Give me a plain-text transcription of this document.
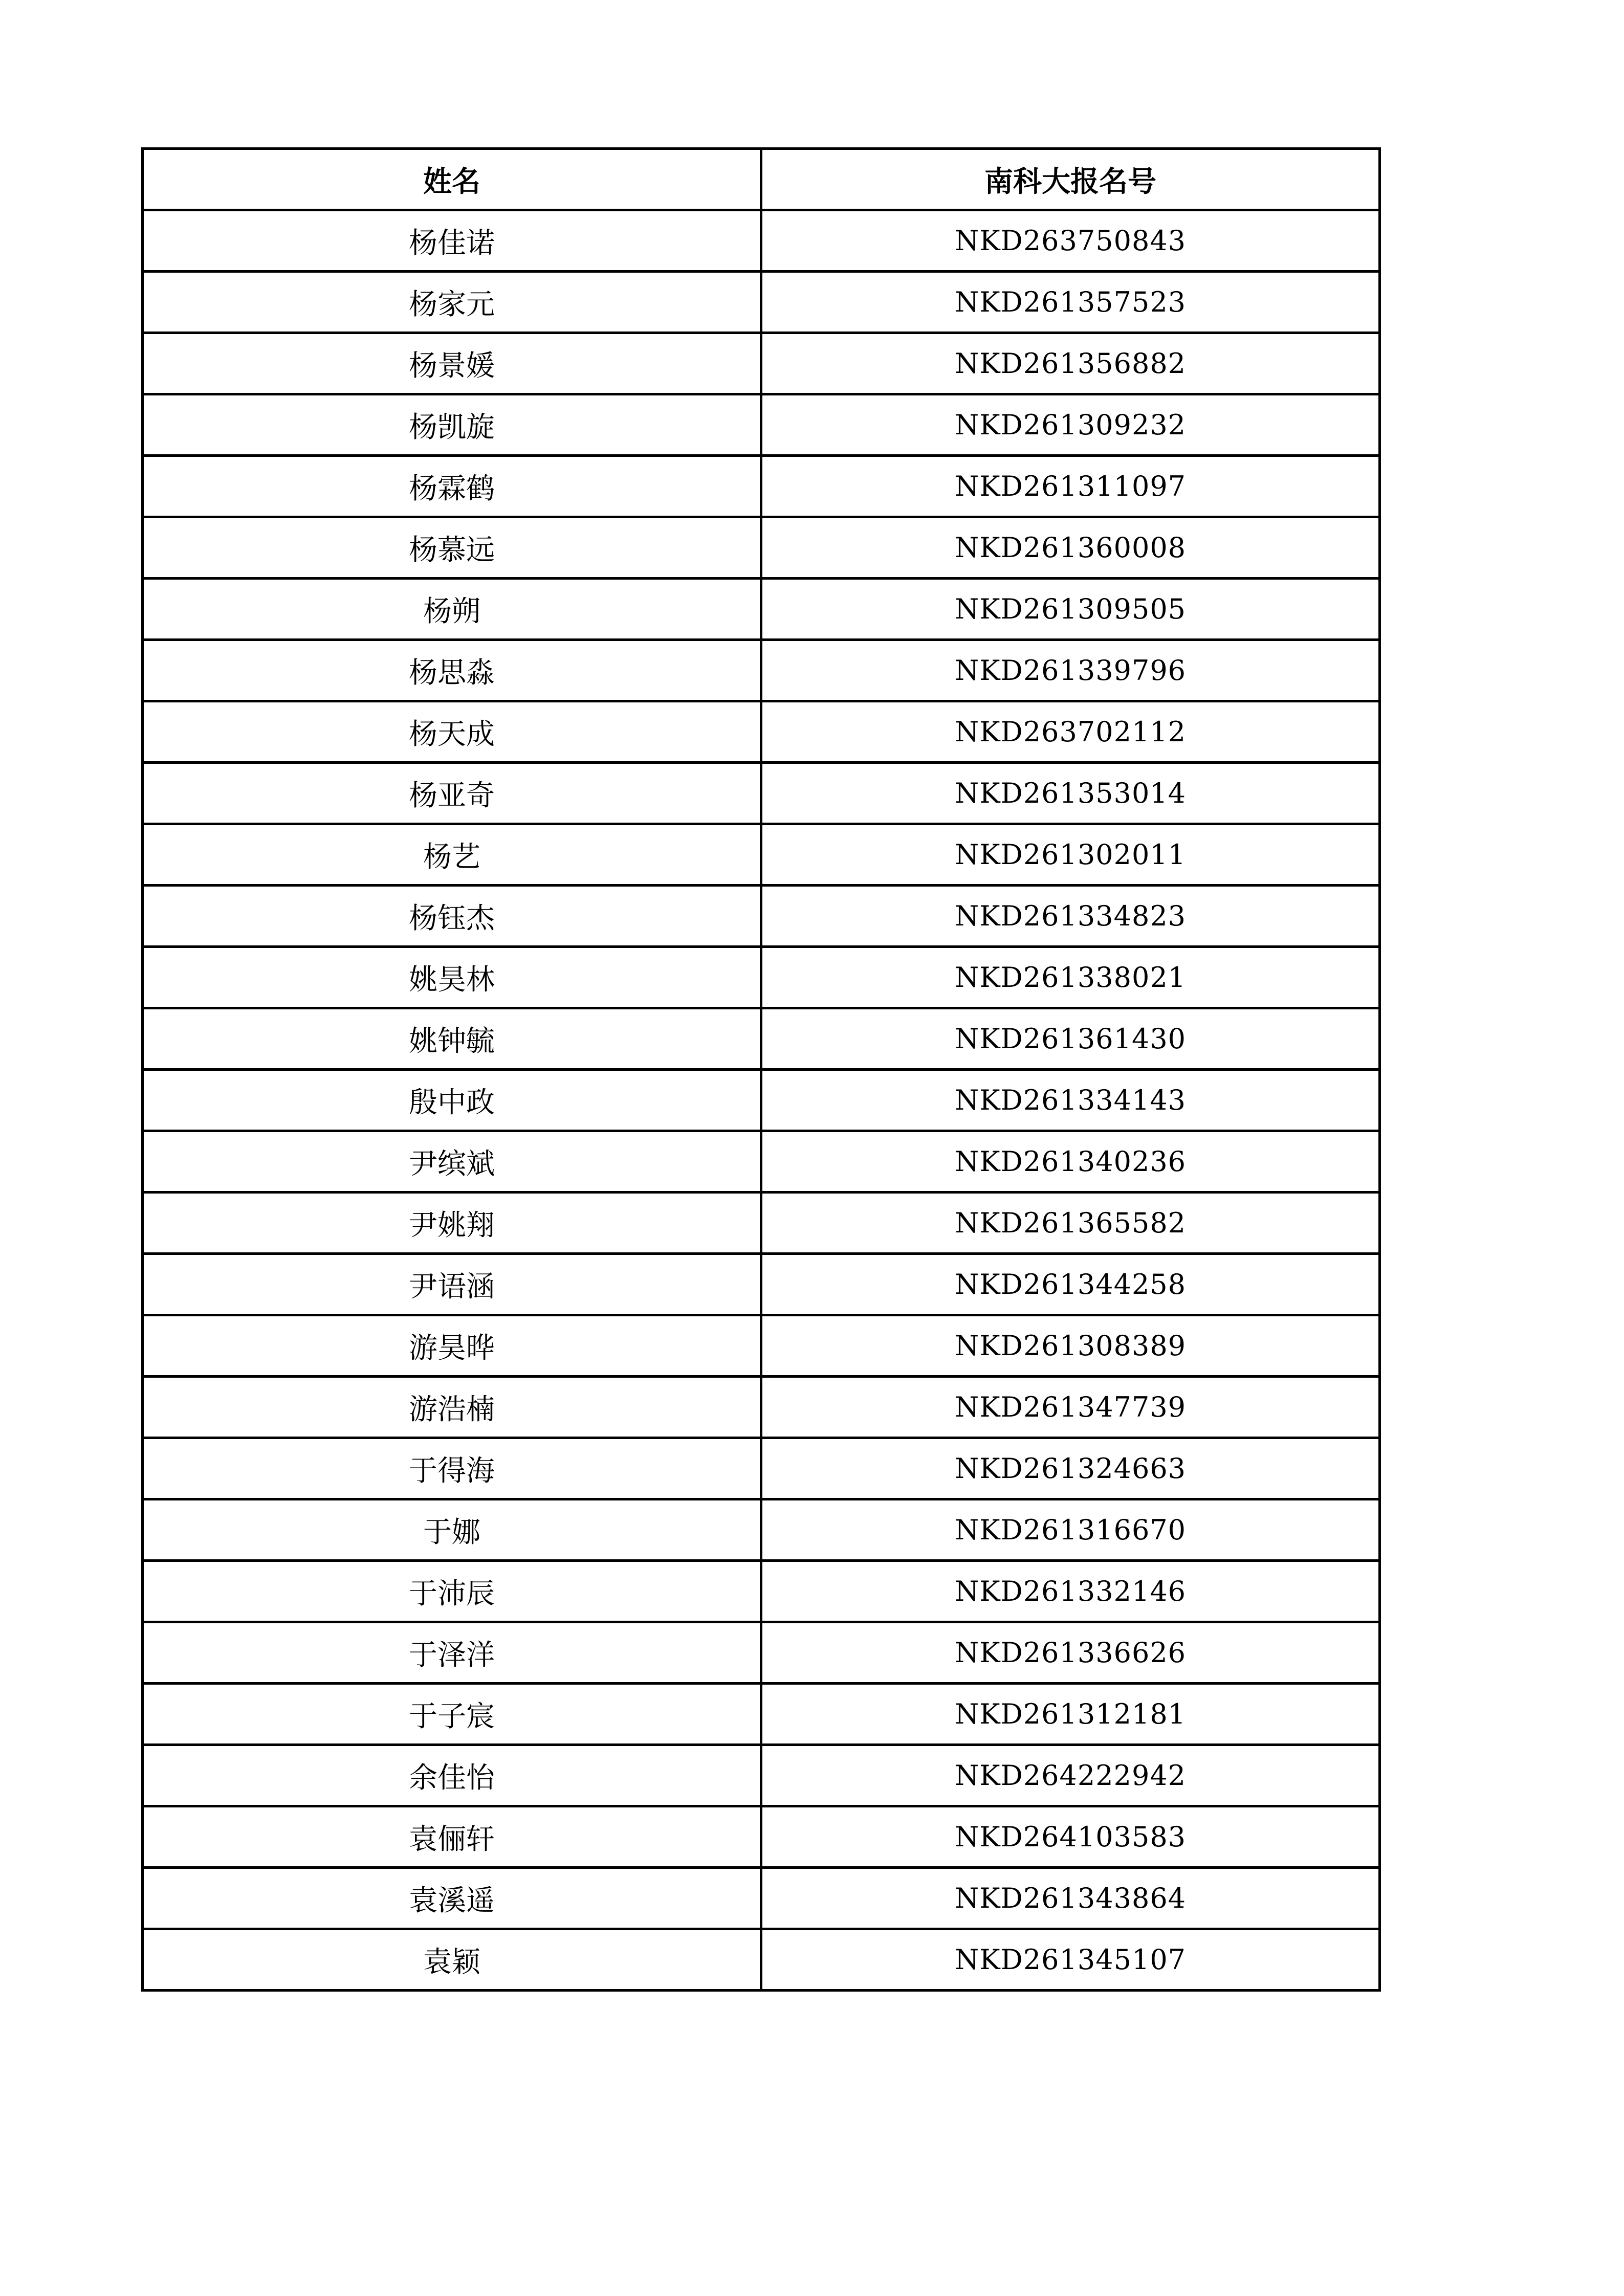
姓名	南科大报名号
杨佳诺	NKD263750843
杨家元	NKD261357523
杨景媛	NKD261356882
杨凯旋	NKD261309232
杨霖鹤	NKD261311097
杨慕远	NKD261360008
杨朔	NKD261309505
杨思淼	NKD261339796
杨天成	NKD263702112
杨亚奇	NKD261353014
杨艺	NKD261302011
杨钰杰	NKD261334823
姚昊林	NKD261338021
姚钟毓	NKD261361430
殷中政	NKD261334143
尹缤斌	NKD261340236
尹姚翔	NKD261365582
尹语涵	NKD261344258
游昊晔	NKD261308389
游浩楠	NKD261347739
于得海	NKD261324663
于娜	NKD261316670
于沛辰	NKD261332146
于泽洋	NKD261336626
于子宸	NKD261312181
余佳怡	NKD264222942
袁俪轩	NKD264103583
袁溪遥	NKD261343864
袁颖	NKD261345107
